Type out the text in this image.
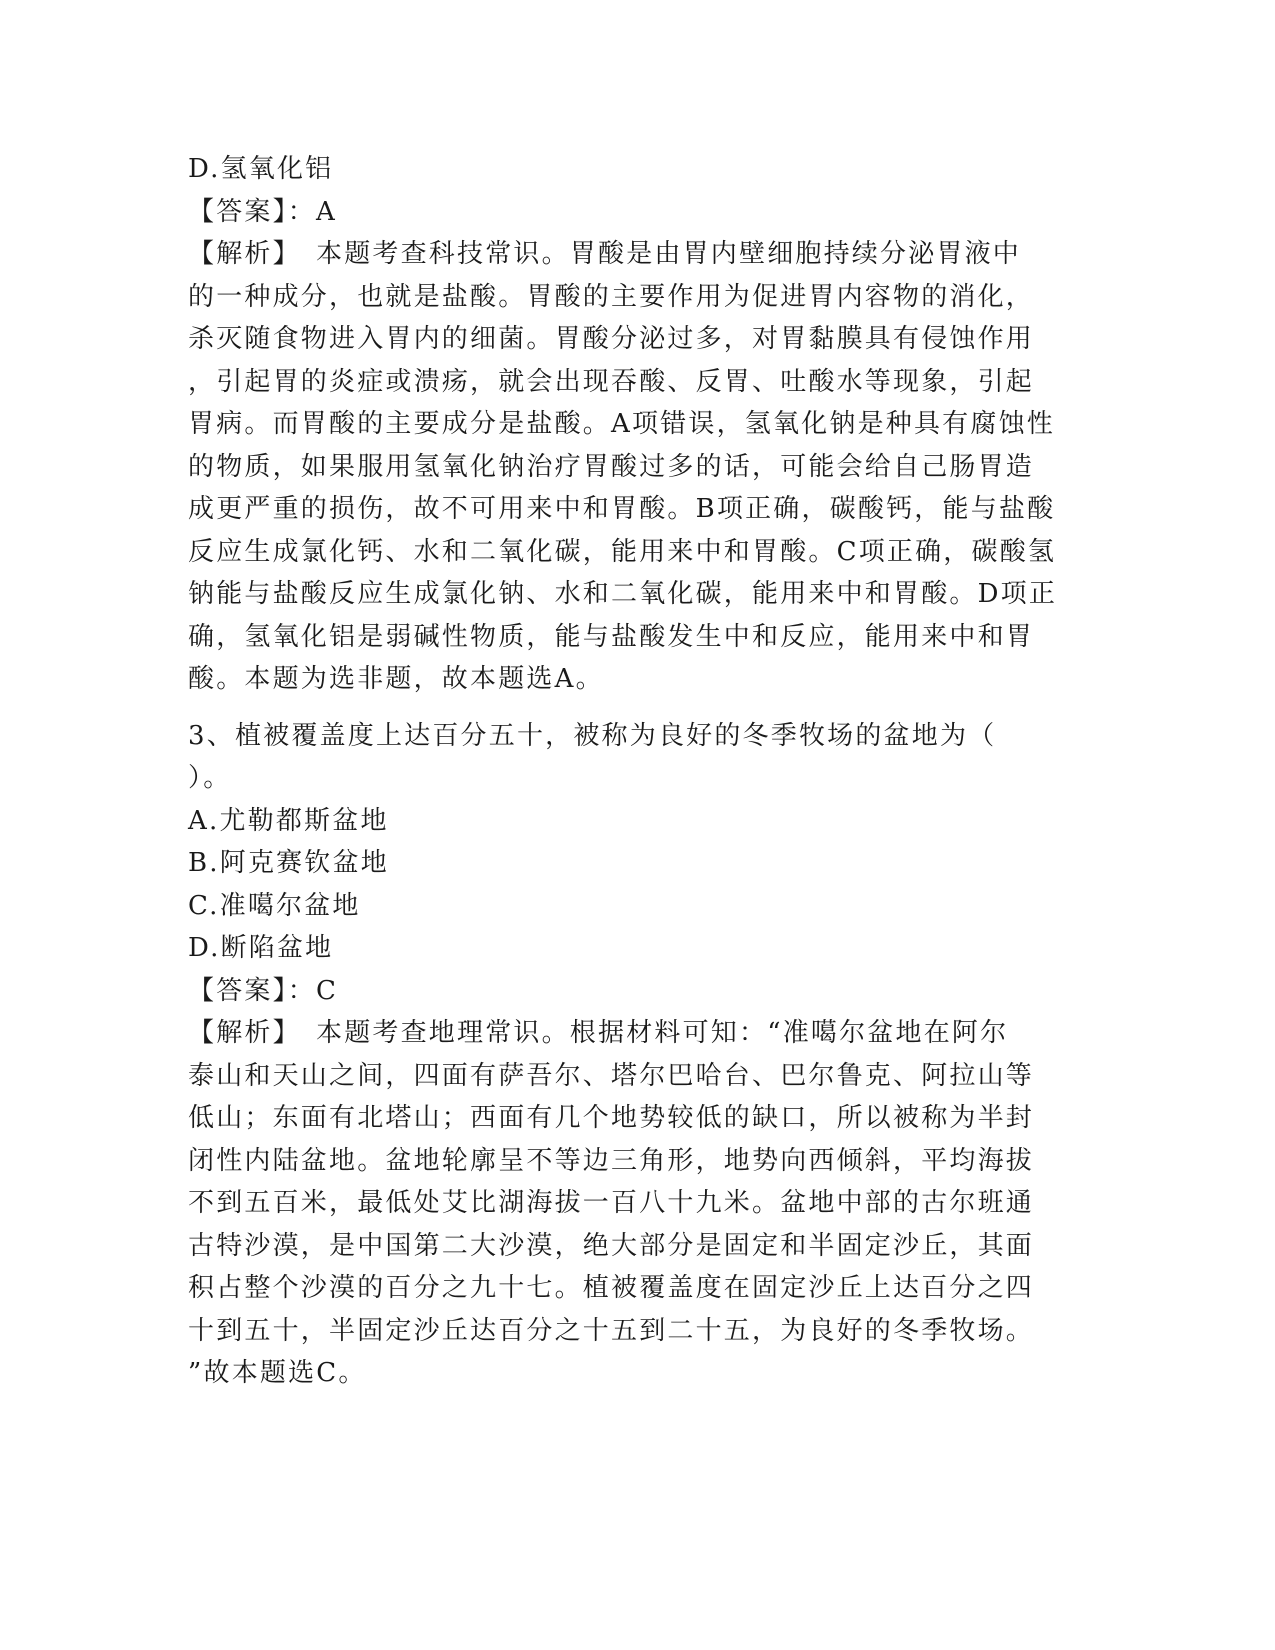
D.氢氧化铝
【答案】：A
【解析】　本题考查科技常识。胃酸是由胃内壁细胞持续分泌胃液中
的一种成分，也就是盐酸。胃酸的主要作用为促进胃内容物的消化，
杀灭随食物进入胃内的细菌。胃酸分泌过多，对胃黏膜具有侵蚀作用
，引起胃的炎症或溃疡，就会出现吞酸、反胃、吐酸水等现象，引起
胃病。而胃酸的主要成分是盐酸。A项错误，氢氧化钠是种具有腐蚀性
的物质，如果服用氢氧化钠治疗胃酸过多的话，可能会给自己肠胃造
成更严重的损伤，故不可用来中和胃酸。B项正确，碳酸钙，能与盐酸
反应生成氯化钙、水和二氧化碳，能用来中和胃酸。C项正确，碳酸氢
钠能与盐酸反应生成氯化钠、水和二氧化碳，能用来中和胃酸。D项正
确，氢氧化铝是弱碱性物质，能与盐酸发生中和反应，能用来中和胃
酸。本题为选非题，故本题选A。
3、植被覆盖度上达百分五十，被称为良好的冬季牧场的盆地为（
）。
A.尤勒都斯盆地
B.阿克赛钦盆地
C.准噶尔盆地
D.断陷盆地
【答案】：C
【解析】　本题考查地理常识。根据材料可知：“准噶尔盆地在阿尔
泰山和天山之间，四面有萨吾尔、塔尔巴哈台、巴尔鲁克、阿拉山等
低山；东面有北塔山；西面有几个地势较低的缺口，所以被称为半封
闭性内陆盆地。盆地轮廓呈不等边三角形，地势向西倾斜，平均海拔
不到五百米，最低处艾比湖海拔一百八十九米。盆地中部的古尔班通
古特沙漠，是中国第二大沙漠，绝大部分是固定和半固定沙丘，其面
积占整个沙漠的百分之九十七。植被覆盖度在固定沙丘上达百分之四
十到五十，半固定沙丘达百分之十五到二十五，为良好的冬季牧场。
”故本题选C。
